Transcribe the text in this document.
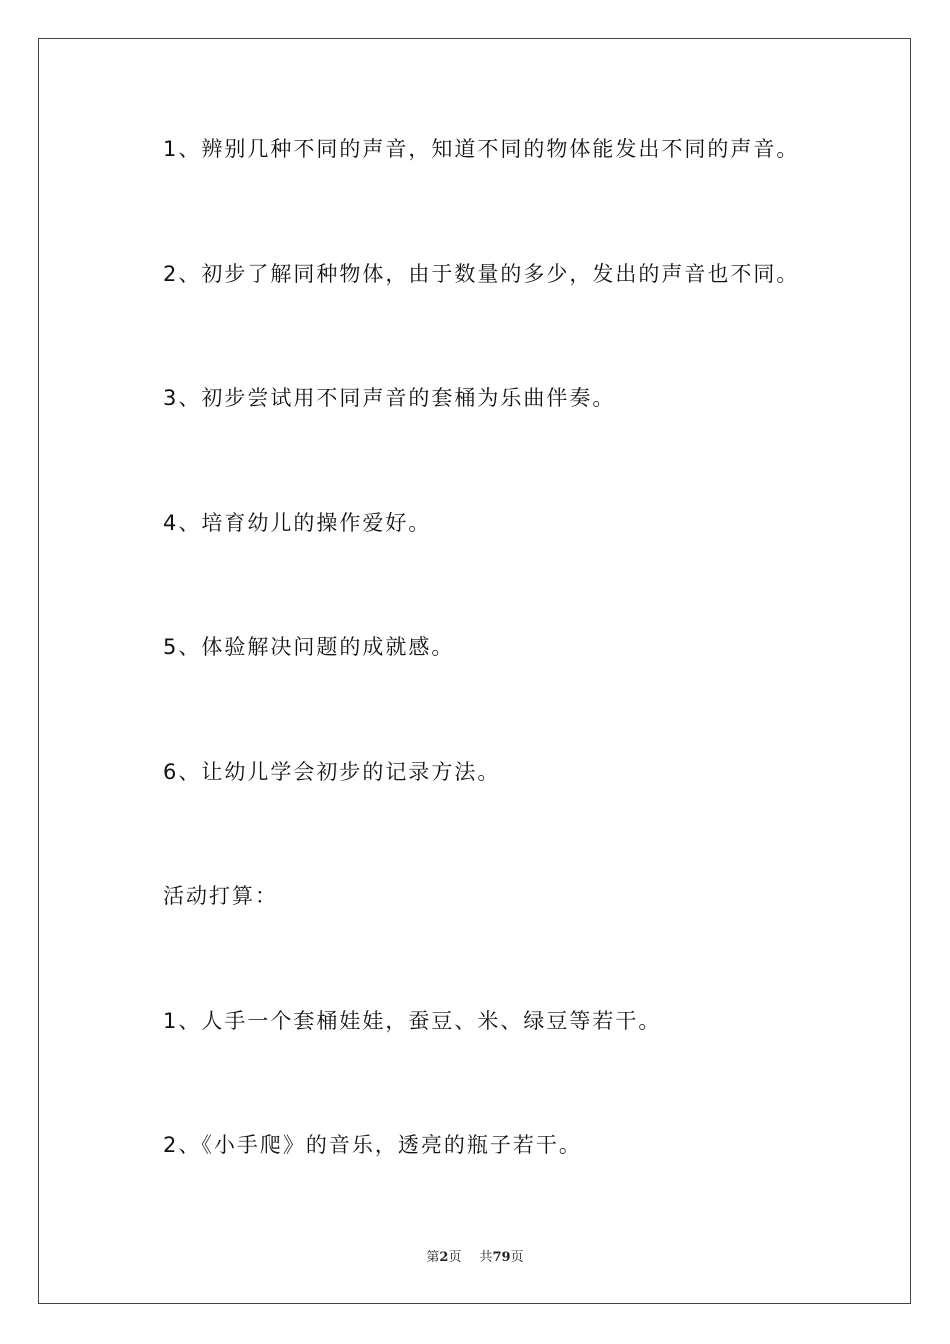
1、辨别几种不同的声音，知道不同的物体能发出不同的声音。
2、初步了解同种物体，由于数量的多少，发出的声音也不同。
3、初步尝试用不同声音的套桶为乐曲伴奏。
4、培育幼儿的操作爱好。
5、体验解决问题的成就感。
6、让幼儿学会初步的记录方法。
活动打算：
1、人手一个套桶娃娃，蚕豆、米、绿豆等若干。
2、《小手爬》的音乐，透亮的瓶子若干。
第2页 共79页
